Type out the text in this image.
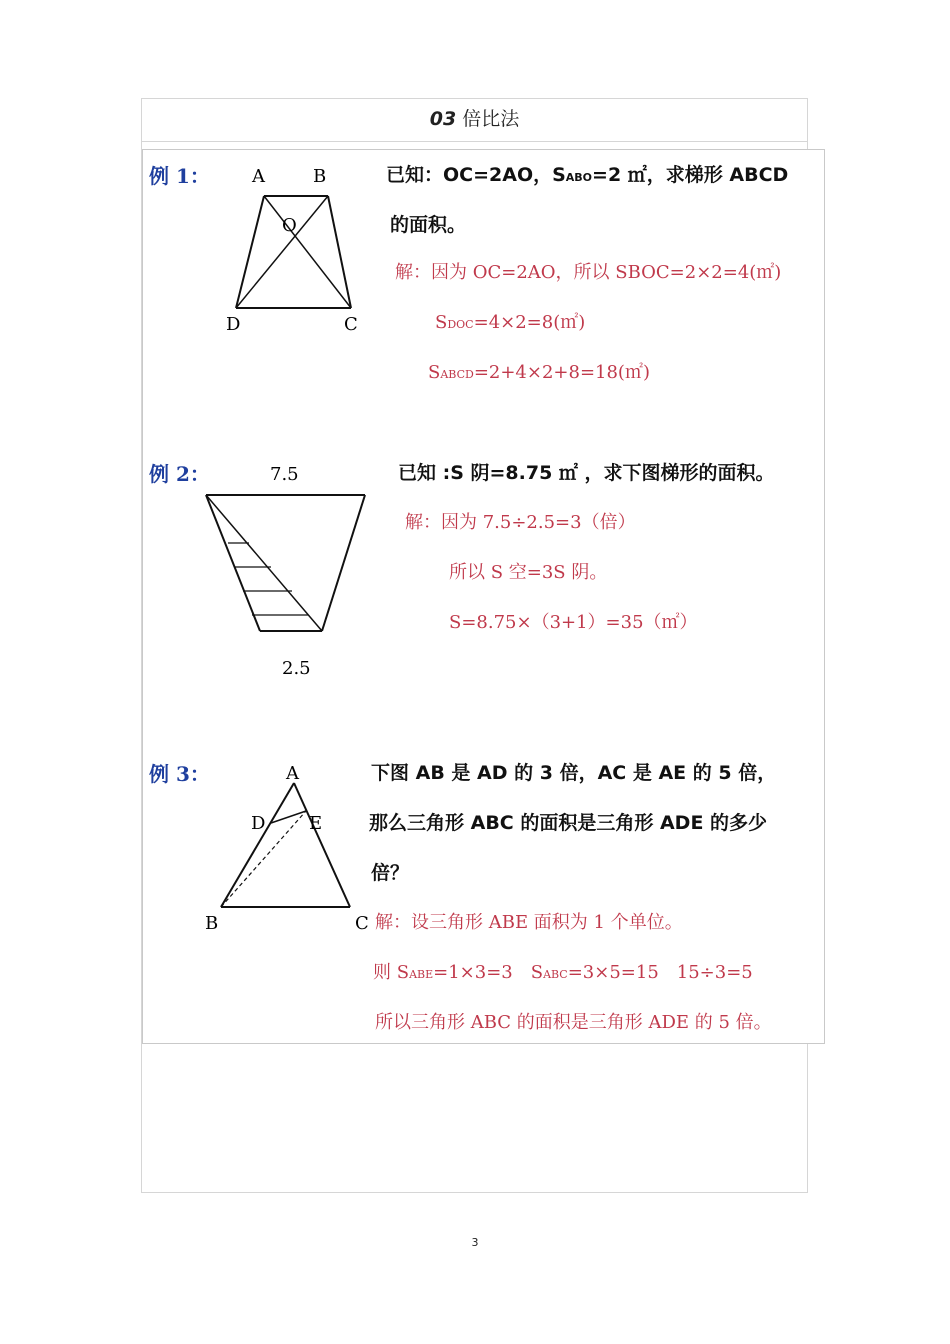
03 倍比法
例 1： A	B
O
D	C
已知：OC=2AO，SABO=2 ㎡，求梯形 ABCD
的面积。
解：因为 OC=2AO，所以 SBOC=2×2=4(㎡)
SDOC=4×2=8(㎡)
SABCD=2+4×2+8=18(㎡)
例 2：	7.5
2.5
已知 :S 阴=8.75 ㎡ ，求下图梯形的面积。
解：因为 7.5÷2.5=3（倍）
所以 S 空=3S 阴。
S=8.75×（3+1）=35（㎡）
例 3：	A
D E
B	C
下图 AB 是 AD 的 3 倍，AC 是 AE 的 5 倍，
那么三角形 ABC 的面积是三角形 ADE 的多少
倍？
解：设三角形 ABE 面积为 1 个单位。
则 SABE=1×3=3　SABC=3×5=15　15÷3=5
所以三角形 ABC 的面积是三角形 ADE 的 5 倍。
3
